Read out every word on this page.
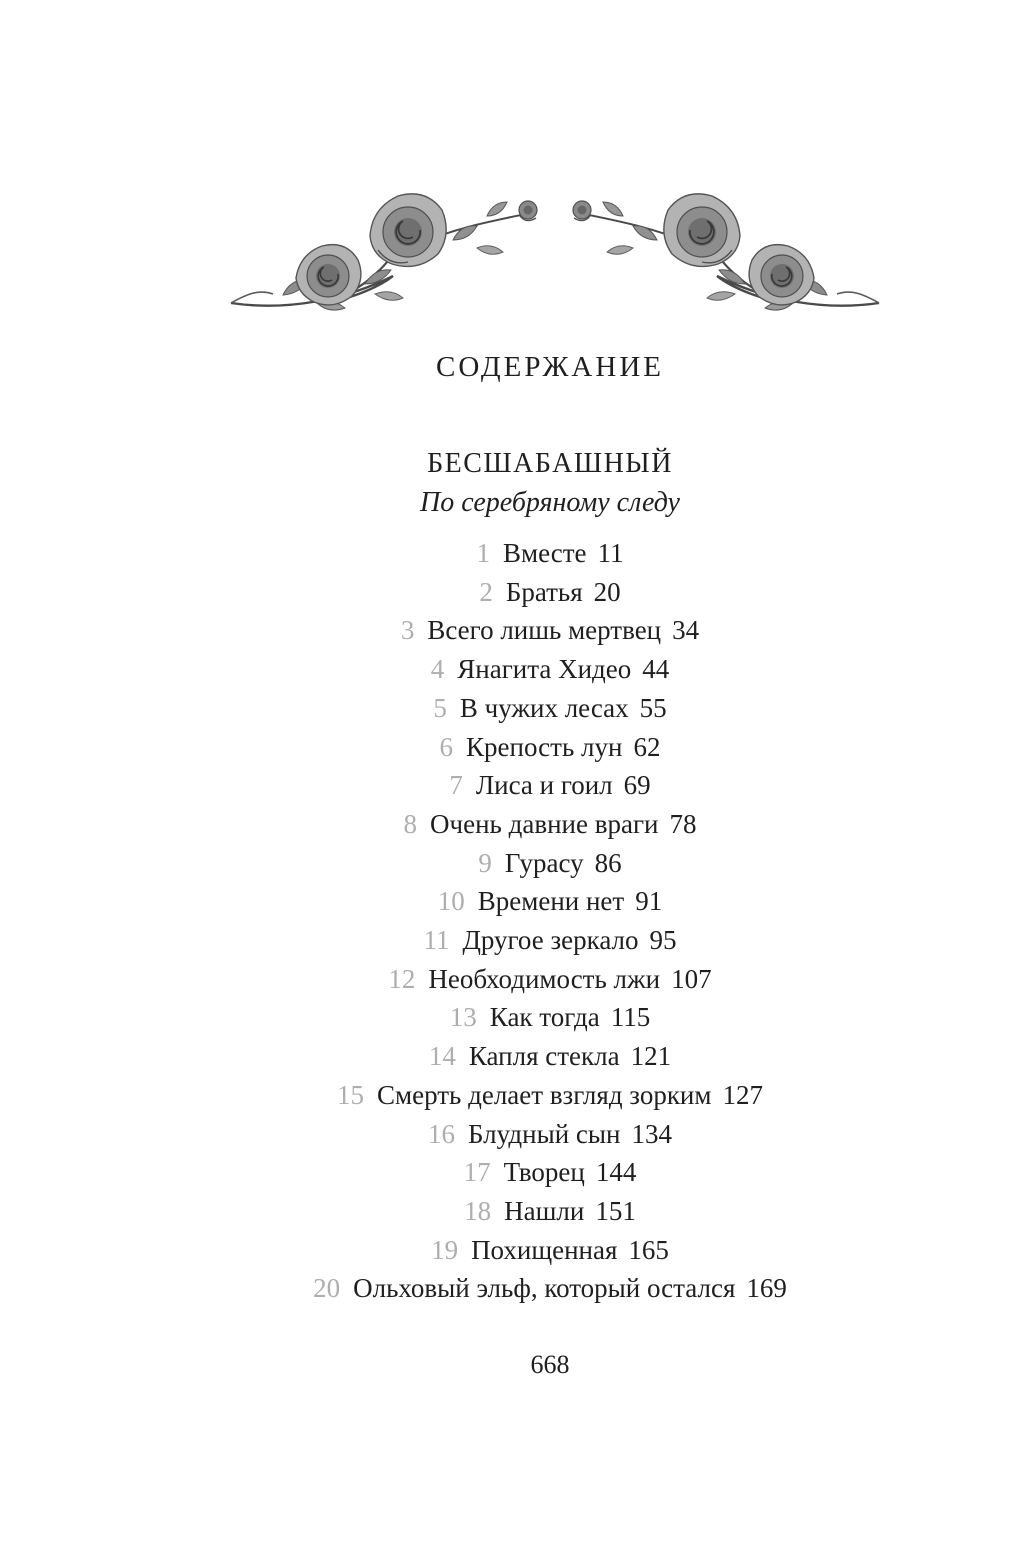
СОДЕРЖАНИЕ
БЕСШАБАШНЫЙ
По серебряному следу
1 Вместе 11
2 Братья 20
3 Всего лишь мертвец 34
4 Янагита Хидео 44
5 В чужих лесах 55
6 Крепость лун 62
7 Лиса и гоил 69
8 Очень давние враги 78
9 Гурасу 86
10 Времени нет 91
11 Другое зеркало 95
12 Необходимость лжи 107
13 Как тогда 115
14 Капля стекла 121
15 Смерть делает взгляд зорким 127
16 Блудный сын 134
17 Творец 144
18 Нашли 151
19 Похищенная 165
20 Ольховый эльф, который остался 169
668
